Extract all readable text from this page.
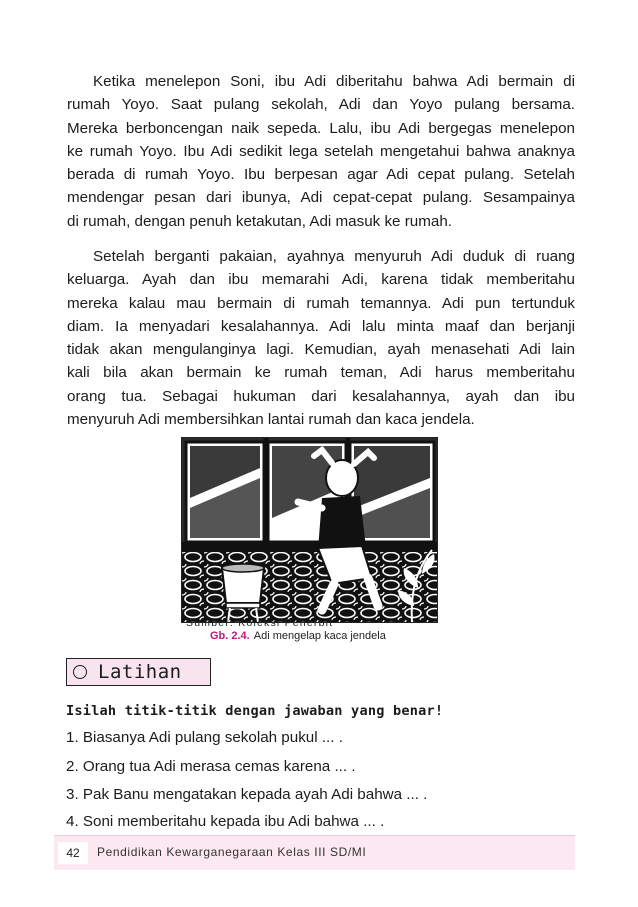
Ketika menelepon Soni, ibu Adi diberitahu bahwa Adi bermain di
rumah Yoyo. Saat pulang sekolah, Adi dan Yoyo pulang bersama.
Mereka berboncengan naik sepeda. Lalu, ibu Adi bergegas menelepon
ke rumah Yoyo. Ibu Adi sedikit lega setelah mengetahui bahwa anaknya
berada di rumah Yoyo. Ibu berpesan agar Adi cepat pulang. Setelah
mendengar pesan dari ibunya, Adi cepat-cepat pulang. Sesampainya
di rumah, dengan penuh ketakutan, Adi masuk ke rumah.
Setelah berganti pakaian, ayahnya menyuruh Adi duduk di ruang
keluarga. Ayah dan ibu memarahi Adi, karena tidak memberitahu
mereka kalau mau bermain di rumah temannya. Adi pun tertunduk
diam. Ia menyadari kesalahannya. Adi lalu minta maaf dan berjanji
tidak akan mengulanginya lagi. Kemudian, ayah menasehati Adi lain
kali bila akan bermain ke rumah teman, Adi harus memberitahu
orang tua. Sebagai hukuman dari kesalahannya, ayah dan ibu
menyuruh Adi membersihkan lantai rumah dan kaca jendela.
Sumber: Koleksi Penerbit
Gb. 2.4. Adi mengelap kaca jendela
Latihan
Isilah titik-titik dengan jawaban yang benar!
1. Biasanya Adi pulang sekolah pukul ... .
2. Orang tua Adi merasa cemas karena ... .
3. Pak Banu mengatakan kepada ayah Adi bahwa ... .
4. Soni memberitahu kepada ibu Adi bahwa ... .
42	Pendidikan Kewarganegaraan Kelas III SD/MI
